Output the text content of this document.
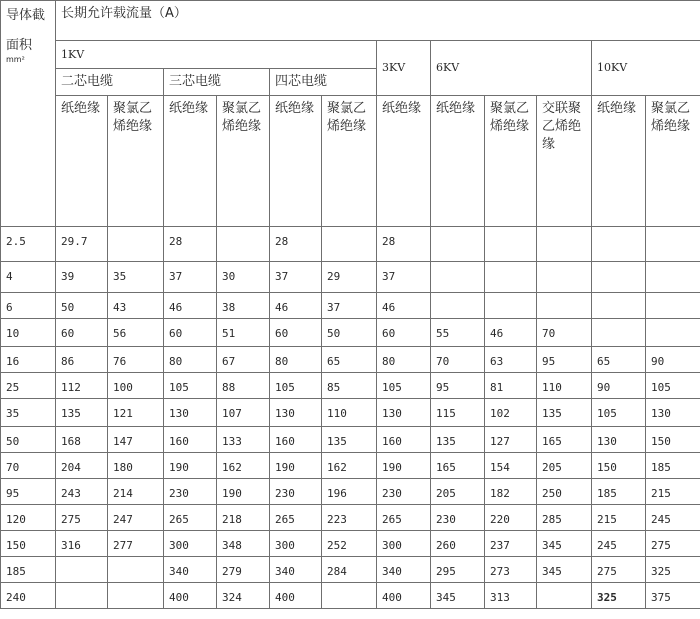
导体截
面积
mm²	长期允许载流量（A）											
	1KV						3KV	6KV			10KV	
	二芯电缆		三芯电缆		四芯电缆							
	纸绝缘	聚氯乙烯绝缘	纸绝缘	聚氯乙烯绝缘	纸绝缘	聚氯乙烯绝缘	纸绝缘	纸绝缘	聚氯乙烯绝缘	交联聚乙烯绝缘	纸绝缘	聚氯乙烯绝缘
2.5	29.7		28		28		28					
4	39	35	37	30	37	29	37					
6	50	43	46	38	46	37	46					
10	60	56	60	51	60	50	60	55	46	70		
16	86	76	80	67	80	65	80	70	63	95	65	90
25	112	100	105	88	105	85	105	95	81	110	90	105
35	135	121	130	107	130	110	130	115	102	135	105	130
50	168	147	160	133	160	135	160	135	127	165	130	150
70	204	180	190	162	190	162	190	165	154	205	150	185
95	243	214	230	190	230	196	230	205	182	250	185	215
120	275	247	265	218	265	223	265	230	220	285	215	245
150	316	277	300	348	300	252	300	260	237	345	245	275
185			340	279	340	284	340	295	273	345	275	325
240			400	324	400		400	345	313		325	375
